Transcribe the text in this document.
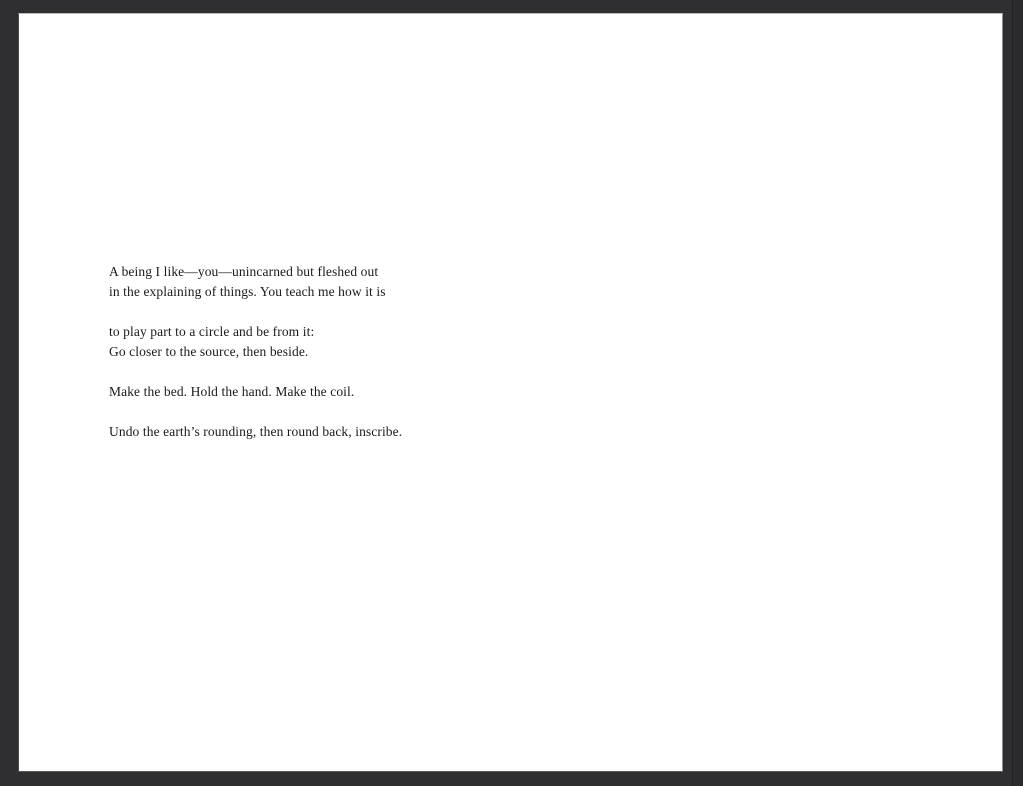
A being I like—you—unincarned but fleshed out
in the explaining of things. You teach me how it is

to play part to a circle and be from it:
Go closer to the source, then beside.

Make the bed. Hold the hand. Make the coil.

Undo the earth’s rounding, then round back, inscribe.
